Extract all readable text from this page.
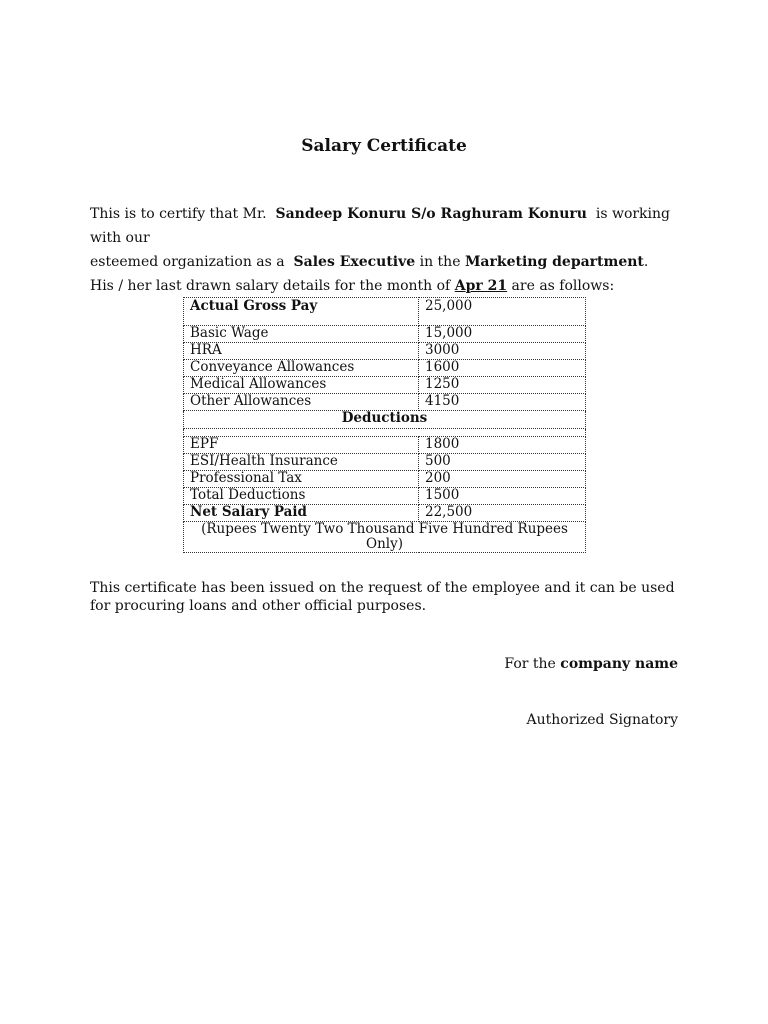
Salary Certificate
This is to certify that Mr. Sandeep Konuru S/o Raghuram Konuru is working with our
esteemed organization as a Sales Executive in the Marketing department.
His / her last drawn salary details for the month of Apr 21 are as follows:
Actual Gross Pay	25,000
Basic Wage	15,000
HRA	3000
Conveyance Allowances	1600
Medical Allowances	1250
Other Allowances	4150
Deductions	

EPF	1800
ESI/Health Insurance	500
Professional Tax	200
Total Deductions	1500
Net Salary Paid	22,500
(Rupees Twenty Two Thousand Five Hundred Rupees Only)	
This certificate has been issued on the request of the employee and it can be used for procuring loans and other official purposes.
For the company name
Authorized Signatory
